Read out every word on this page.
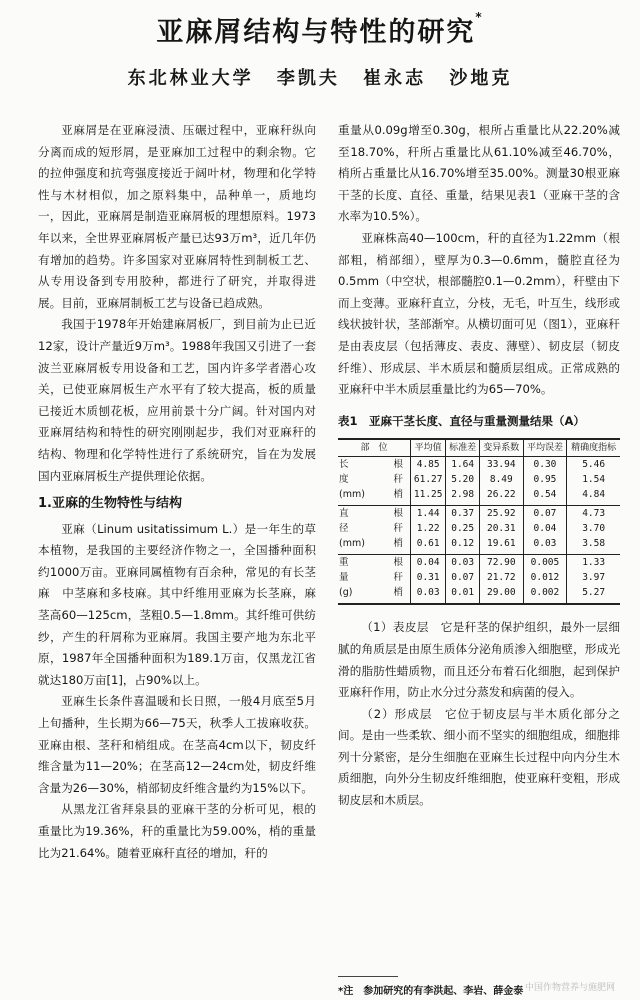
亚麻屑结构与特性的研究*
东北林业大学 李凯夫 崔永志 沙地克

亚麻屑是在亚麻浸渍、压碾过程中，亚麻秆纵向分离而成的短形屑，是亚麻加工过程中的剩余物。它的拉伸强度和抗弯强度接近于阔叶材，物理和化学特性与木材相似，加之原料集中，品种单一，质地均一，因此，亚麻屑是制造亚麻屑板的理想原料。1973年以来，全世界亚麻屑板产量已达93万m³，近几年仍有增加的趋势。许多国家对亚麻屑特性到制板工艺、从专用设备到专用胶种，都进行了研究，并取得进展。目前，亚麻屑制板工艺与设备已趋成熟。

我国于1978年开始建麻屑板厂，到目前为止已近12家，设计产量近9万m³。1988年我国又引进了一套波兰亚麻屑板专用设备和工艺，国内许多学者潜心攻关，已使亚麻屑板生产水平有了较大提高，板的质量已接近木质刨花板，应用前景十分广阔。针对国内对亚麻屑结构和特性的研究刚刚起步，我们对亚麻秆的结构、物理和化学特性进行了系统研究，旨在为发展国内亚麻屑板生产提供理论依据。

1.亚麻的生物特性与结构

亚麻（Linum usitatissimum L.）是一年生的草本植物，是我国的主要经济作物之一，全国播种面积约1000万亩。亚麻同属植物有百余种，常见的有长茎麻　中茎麻和多枝麻。其中纤维用亚麻为长茎麻，麻茎高60—125cm，茎粗0.5—1.8mm。其纤维可供纺纱，产生的秆屑称为亚麻屑。我国主要产地为东北平原，1987年全国播种面积为189.1万亩，仅黑龙江省就达180万亩[1]，占90%以上。

亚麻生长条件喜温暖和长日照，一般4月底至5月上旬播种，生长期为66—75天，秋季人工拔麻收获。亚麻由根、茎秆和梢组成。在茎高4cm以下，韧皮纤维含量为11—20%；在茎高12—24cm处，韧皮纤维含量为26—30%，梢部韧皮纤维含量约为15%以下。

从黑龙江省拜泉县的亚麻干茎的分析可见，根的重量比为19.36%，秆的重量比为59.00%，梢的重量比为21.64%。随着亚麻秆直径的增加，秆的

重量从0.09g增至0.30g，根所占重量比从22.20%减至18.70%，秆所占重量比从61.10%减至46.70%，梢所占重量比从16.70%增至35.00%。测量30根亚麻干茎的长度、直径、重量，结果见表1（亚麻干茎的含水率为10.5%）。

亚麻株高40—100cm，秆的直径为1.22mm（根部粗，梢部细），壁厚为0.3—0.6mm，髓腔直径为0.5mm（中空状，根部髓腔0.1—0.2mm），秆壁由下而上变薄。亚麻秆直立，分枝，无毛，叶互生，线形或线状披针状，茎部渐窄。从横切面可见（图1），亚麻秆是由表皮层（包括薄皮、表皮、薄壁）、韧皮层（韧皮纤维）、形成层、半木质层和髓质层组成。正常成熟的亚麻秆中半木质层重量比约为65—70%。

表1　亚麻干茎长度、直径与重量测量结果（A）
部　位	平均值	标准差	变异系数	平均误差	精确度指标

长 根	4.85	1.64	33.94	0.30	5.46

度 秆	61.27	5.20	8.49	0.95	1.54

(mm) 梢	11.25	2.98	26.22	0.54	4.84

直 根	1.44	0.37	25.92	0.07	4.73

径 秆	1.22	0.25	20.31	0.04	3.70

(mm) 梢	0.61	0.12	19.61	0.03	3.58

重 根	0.04	0.03	72.90	0.005	1.33

量 秆	0.31	0.07	21.72	0.012	3.97

(g) 梢	0.03	0.01	29.00	0.002	5.27

（1）表皮层　它是秆茎的保护组织，最外一层细腻的角质层是由原生质体分泌角质渗入细胞壁，形成光滑的脂肪性蜡质物，而且还分布着石化细胞，起到保护亚麻秆作用，防止水分过分蒸发和病菌的侵入。

（2）形成层　它位于韧皮层与半木质化部分之间。是由一些柔软、细小而不坚实的细胞组成，细胞排列十分紧密，是分生细胞在亚麻生长过程中向内分生木质细胞，向外分生韧皮纤维细胞，使亚麻秆变粗，形成韧皮层和木质层。

*注　参加研究的有李洪起、李岩、薛金泰 中国作物营养与施肥网
